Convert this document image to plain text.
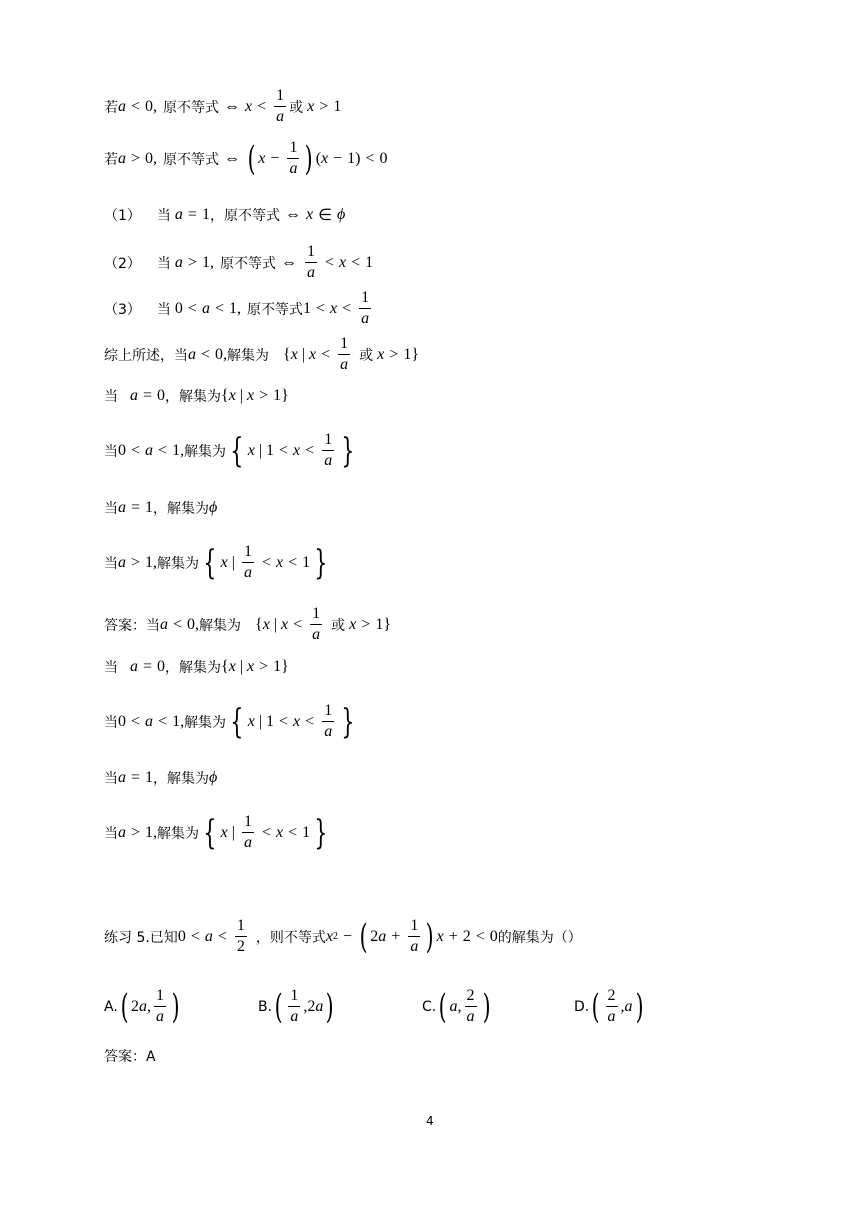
若 a < 0, 原不等式 ⇔ $x < \frac{1}{a}$ 或 x > 1
若 a > 0, 原不等式 ⇔ ( $x - \frac{1}{a}$ ) ( x − 1) < 0
（1） 当 a = 1 ，原不等式 ⇔ x ∈ ϕ
（2） 当 a > 1, 原不等式 ⇔ $\frac{1}{a} < x < 1$
（3） 当 0 < a < 1, 原不等式 $1 < x < \frac{1}{a}$
综上所述，当 a < 0, 解集为 { x | $x < \frac{1}{a}$ 或 x > 1}
当 a = 0 ，解集为 { x | x > 1}
当 0 < a < 1, 解集为 { x | $1 < x < \frac{1}{a}$ }
当 a = 1 ，解集为 ϕ
当 a > 1, 解集为 { x | $\frac{1}{a} < x < 1$ }
答案：当 a < 0, 解集为 { x | $x < \frac{1}{a}$ 或 x > 1}
当 a = 0 ，解集为 { x | x > 1}
当 0 < a < 1, 解集为 { x | $1 < x < \frac{1}{a}$ }
当 a = 1 ，解集为 ϕ
当 a > 1, 解集为 { x | $\frac{1}{a} < x < 1$ }
练习 5.已知 $0 < a < \frac{1}{2}$ ，则不等式 x 2 − ( 2 $a + \frac{1}{a}$ ) x + 2 < 0 的解集为（）
A. ( 2 a , $\frac{1}{a}$ )	B. ( $\frac{1}{a}$ , 2 a )	C. ( a , $\frac{2}{a}$ )	D. ( $\frac{2}{a}$ , a )
答案：A
4
